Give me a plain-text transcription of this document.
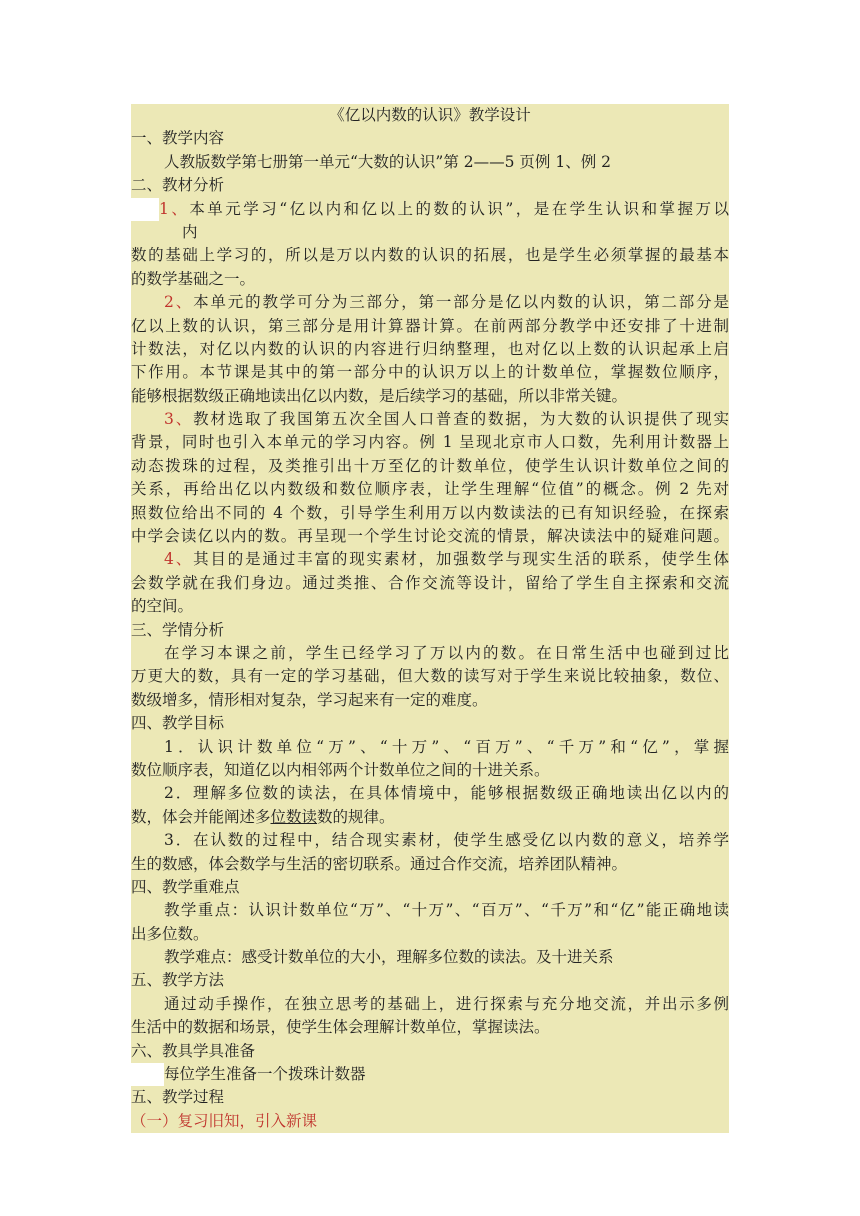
《亿以内数的认识》教学设计
一、教学内容
人教版数学第七册第一单元“大数的认识”第 2——5 页例 1、例 2
二、教材分析
1、本单元学习“亿以内和亿以上的数的认识”，是在学生认识和掌握万以
内
数的基础上学习的，所以是万以内数的认识的拓展，也是学生必须掌握的最基本
的数学基础之一。
2、本单元的教学可分为三部分，第一部分是亿以内数的认识，第二部分是
亿以上数的认识，第三部分是用计算器计算。在前两部分教学中还安排了十进制
计数法，对亿以内数的认识的内容进行归纳整理，也对亿以上数的认识起承上启
下作用。本节课是其中的第一部分中的认识万以上的计数单位，掌握数位顺序，
能够根据数级正确地读出亿以内数，是后续学习的基础，所以非常关键。
3、教材选取了我国第五次全国人口普查的数据，为大数的认识提供了现实
背景，同时也引入本单元的学习内容。例 1 呈现北京市人口数，先利用计数器上
动态拨珠的过程，及类推引出十万至亿的计数单位，使学生认识计数单位之间的
关系，再给出亿以内数级和数位顺序表，让学生理解“位值”的概念。例 2 先对
照数位给出不同的 4 个数，引导学生利用万以内数读法的已有知识经验，在探索
中学会读亿以内的数。再呈现一个学生讨论交流的情景，解决读法中的疑难问题。
4、其目的是通过丰富的现实素材，加强数学与现实生活的联系，使学生体
会数学就在我们身边。通过类推、合作交流等设计，留给了学生自主探索和交流
的空间。
三、学情分析
在学习本课之前，学生已经学习了万以内的数。在日常生活中也碰到过比
万更大的数，具有一定的学习基础，但大数的读写对于学生来说比较抽象，数位、
数级增多，情形相对复杂，学习起来有一定的难度。
四、教学目标
1．认识计数单位“万”、“十万”、“百万”、“千万”和“亿”，掌握
数位顺序表，知道亿以内相邻两个计数单位之间的十进关系。
2．理解多位数的读法，在具体情境中，能够根据数级正确地读出亿以内的
数，体会并能阐述多位数读数的规律。
3．在认数的过程中，结合现实素材，使学生感受亿以内数的意义，培养学
生的数感，体会数学与生活的密切联系。通过合作交流，培养团队精神。
四、教学重难点
教学重点：认识计数单位“万”、“十万”、“百万”、“千万”和“亿”能正确地读
出多位数。
教学难点：感受计数单位的大小，理解多位数的读法。及十进关系
五、教学方法
通过动手操作，在独立思考的基础上，进行探索与充分地交流，并出示多例
生活中的数据和场景，使学生体会理解计数单位，掌握读法。
六、教具学具准备
每位学生准备一个拨珠计数器
五、教学过程
（一）复习旧知，引入新课
